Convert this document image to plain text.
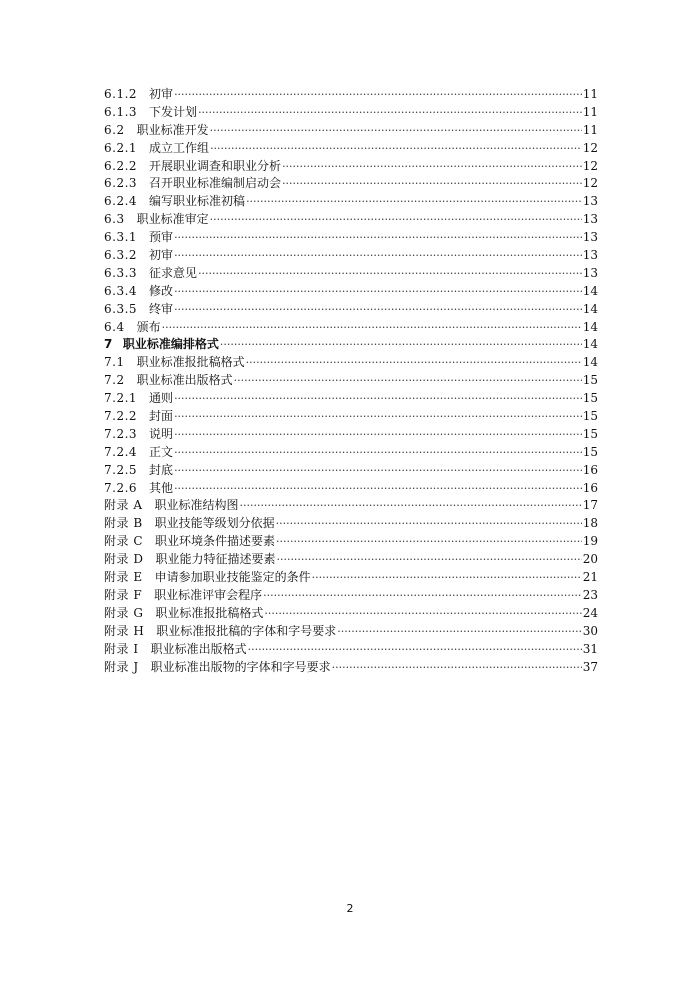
6.1.2 初审 ·····	11
6.1.3 下发计划 ·····	11
6.2 职业标准开发 ·····	11
6.2.1 成立工作组 ·····	12
6.2.2 开展职业调查和职业分析 ·····	12
6.2.3 召开职业标准编制启动会 ·····	12
6.2.4 编写职业标准初稿 ·····	13
6.3 职业标准审定 ·····	13
6.3.1 预审 ·····	13
6.3.2 初审 ·····	13
6.3.3 征求意见 ·····	13
6.3.4 修改 ·····	14
6.3.5 终审 ·····	14
6.4 颁布 ·····	14
7 职业标准编排格式 ·····	14
7.1 职业标准报批稿格式 ·····	14
7.2 职业标准出版格式 ·····	15
7.2.1 通则 ·····	15
7.2.2 封面 ·····	15
7.2.3 说明 ·····	15
7.2.4 正文 ·····	15
7.2.5 封底 ·····	16
7.2.6 其他 ·····	16
附录 A 职业标准结构图 ·····	17
附录 B 职业技能等级划分依据 ·····	18
附录 C 职业环境条件描述要素 ·····	19
附录 D 职业能力特征描述要素 ·····	20
附录 E 申请参加职业技能鉴定的条件 ·····	21
附录 F 职业标准评审会程序 ·····	23
附录 G 职业标准报批稿格式 ·····	24
附录 H 职业标准报批稿的字体和字号要求 ·····	30
附录 I 职业标准出版格式 ·····	31
附录 J 职业标准出版物的字体和字号要求 ·····	37
2
